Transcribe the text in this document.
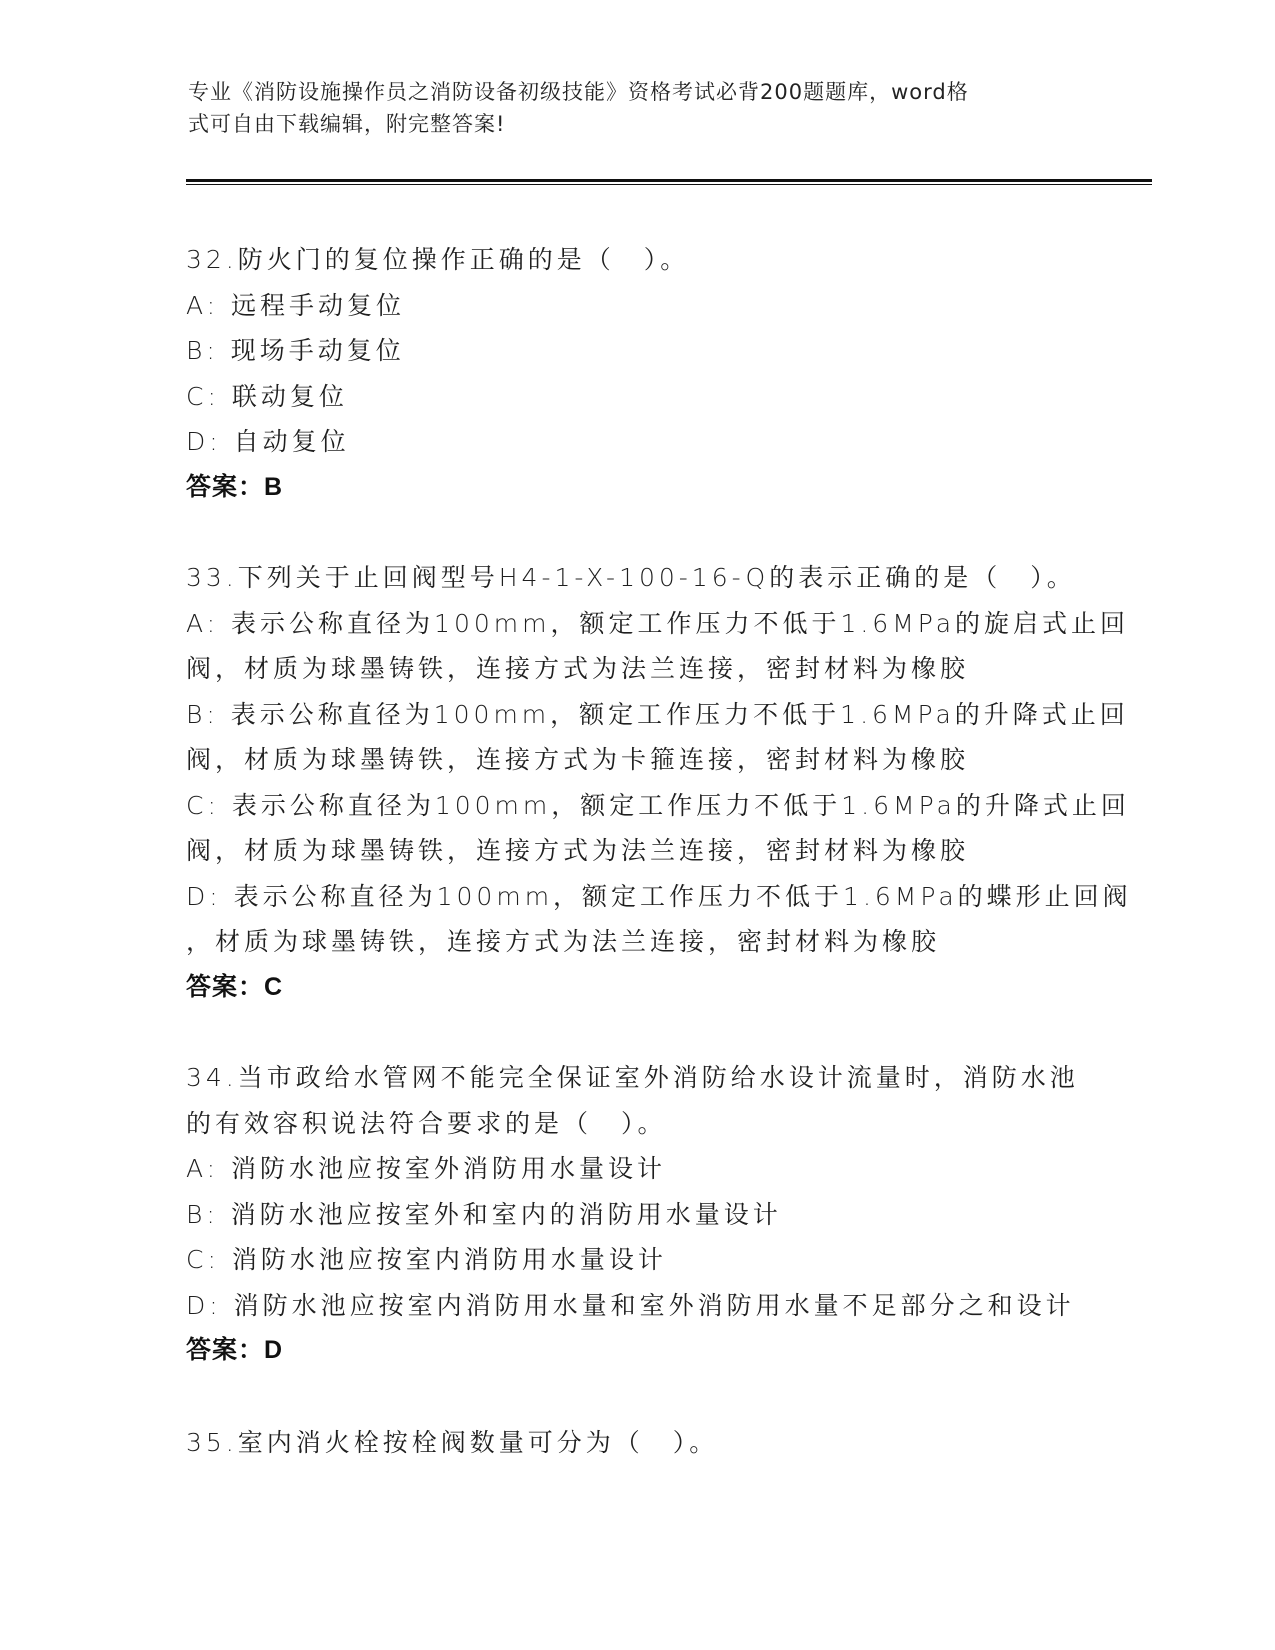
专业《消防设施操作员之消防设备初级技能》资格考试必背200题题库，word格
式可自由下载编辑，附完整答案!
32.防火门的复位操作正确的是（　）。
A: 远程手动复位
B: 现场手动复位
C: 联动复位
D: 自动复位
答案：B
33.下列关于止回阀型号H4-1-X-100-16-Q的表示正确的是（　）。
A: 表示公称直径为100mm，额定工作压力不低于1.6MPa的旋启式止回
阀，材质为球墨铸铁，连接方式为法兰连接，密封材料为橡胶
B: 表示公称直径为100mm，额定工作压力不低于1.6MPa的升降式止回
阀，材质为球墨铸铁，连接方式为卡箍连接，密封材料为橡胶
C: 表示公称直径为100mm，额定工作压力不低于1.6MPa的升降式止回
阀，材质为球墨铸铁，连接方式为法兰连接，密封材料为橡胶
D: 表示公称直径为100mm，额定工作压力不低于1.6MPa的蝶形止回阀
，材质为球墨铸铁，连接方式为法兰连接，密封材料为橡胶
答案：C
34.当市政给水管网不能完全保证室外消防给水设计流量时，消防水池
的有效容积说法符合要求的是（　）。
A: 消防水池应按室外消防用水量设计
B: 消防水池应按室外和室内的消防用水量设计
C: 消防水池应按室内消防用水量设计
D: 消防水池应按室内消防用水量和室外消防用水量不足部分之和设计
答案：D
35.室内消火栓按栓阀数量可分为（　）。
